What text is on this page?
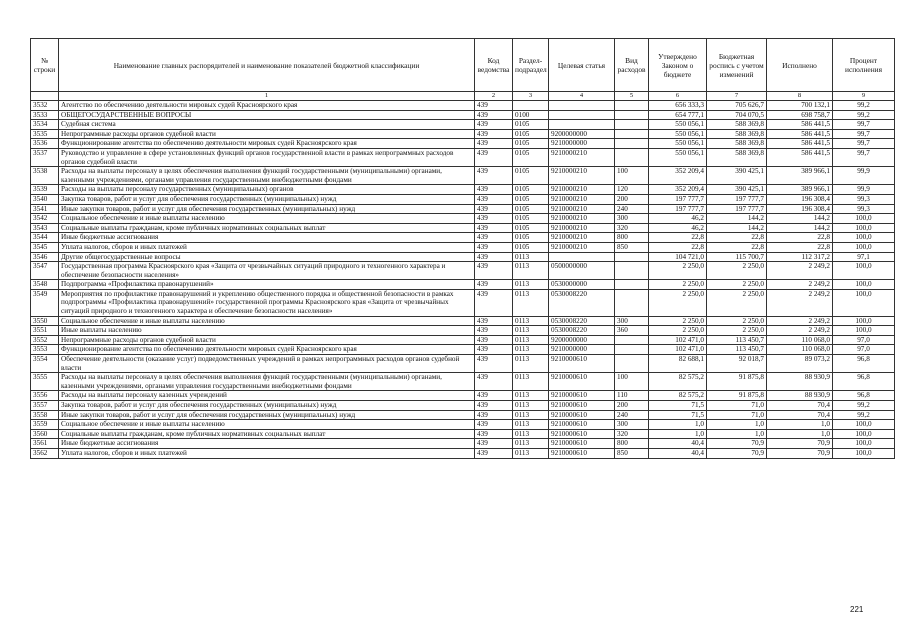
№ строки	Наименование главных распорядителей и наименование показателей бюджетной классификации	Код ведомства	Раздел- подраздел	Целевая статья	Вид расходов	Утверждено Законом о бюджете	Бюджетная роспись с учетом изменений	Исполнено	Процент исполнения
	1	2	3	4	5	6	7	8	9
3532	Агентство по обеспечению деятельности мировых судей Красноярского края	439				656 333,3	705 626,7	700 132,1	99,2
3533	ОБЩЕГОСУДАРСТВЕННЫЕ ВОПРОСЫ	439	0100			654 777,1	704 070,5	698 758,7	99,2
3534	Судебная система	439	0105			550 056,1	588 369,8	586 441,5	99,7
3535	Непрограммные расходы органов судебной власти	439	0105	9200000000		550 056,1	588 369,8	586 441,5	99,7
3536	Функционирование агентства по обеспечению деятельности мировых судей Красноярского края	439	0105	9210000000		550 056,1	588 369,8	586 441,5	99,7
3537	Руководство и управление в сфере установленных функций органов государственной власти в рамках непрограммных расходов органов судебной власти	439	0105	9210000210		550 056,1	588 369,8	586 441,5	99,7
3538	Расходы на выплаты персоналу в целях обеспечения выполнения функций государственными (муниципальными) органами, казенными учреждениями, органами управления государственными внебюджетными фондами	439	0105	9210000210	100	352 209,4	390 425,1	389 966,1	99,9
3539	Расходы на выплаты персоналу государственных (муниципальных) органов	439	0105	9210000210	120	352 209,4	390 425,1	389 966,1	99,9
3540	Закупка товаров, работ и услуг для обеспечения государственных (муниципальных) нужд	439	0105	9210000210	200	197 777,7	197 777,7	196 308,4	99,3
3541	Иные закупки товаров, работ и услуг для обеспечения государственных (муниципальных) нужд	439	0105	9210000210	240	197 777,7	197 777,7	196 308,4	99,3
3542	Социальное обеспечение и иные выплаты населению	439	0105	9210000210	300	46,2	144,2	144,2	100,0
3543	Социальные выплаты гражданам, кроме публичных нормативных социальных выплат	439	0105	9210000210	320	46,2	144,2	144,2	100,0
3544	Иные бюджетные ассигнования	439	0105	9210000210	800	22,8	22,8	22,8	100,0
3545	Уплата налогов, сборов и иных платежей	439	0105	9210000210	850	22,8	22,8	22,8	100,0
3546	Другие общегосударственные вопросы	439	0113			104 721,0	115 700,7	112 317,2	97,1
3547	Государственная программа Красноярского края «Защита от чрезвычайных ситуаций природного и техногенного характера и обеспечение безопасности населения»	439	0113	0500000000		2 250,0	2 250,0	2 249,2	100,0
3548	Подпрограмма «Профилактика правонарушений»	439	0113	0530000000		2 250,0	2 250,0	2 249,2	100,0
3549	Мероприятия по профилактике правонарушений и укреплению общественного порядка и общественной безопасности в рамках подпрограммы «Профилактика правонарушений» государственной программы Красноярского края «Защита от чрезвычайных ситуаций природного и техногенного характера и обеспечение безопасности населения»	439	0113	0530008220		2 250,0	2 250,0	2 249,2	100,0
3550	Социальное обеспечение и иные выплаты населению	439	0113	0530008220	300	2 250,0	2 250,0	2 249,2	100,0
3551	Иные выплаты населению	439	0113	0530008220	360	2 250,0	2 250,0	2 249,2	100,0
3552	Непрограммные расходы органов судебной власти	439	0113	9200000000		102 471,0	113 450,7	110 068,0	97,0
3553	Функционирование агентства по обеспечению деятельности мировых судей Красноярского края	439	0113	9210000000		102 471,0	113 450,7	110 068,0	97,0
3554	Обеспечение деятельности (оказание услуг) подведомственных учреждений в рамках непрограммных расходов органов судебной власти	439	0113	9210000610		82 688,1	92 018,7	89 073,2	96,8
3555	Расходы на выплаты персоналу в целях обеспечения выполнения функций государственными (муниципальными) органами, казенными учреждениями, органами управления государственными внебюджетными фондами	439	0113	9210000610	100	82 575,2	91 875,8	88 930,9	96,8
3556	Расходы на выплаты персоналу казенных учреждений	439	0113	9210000610	110	82 575,2	91 875,8	88 930,9	96,8
3557	Закупка товаров, работ и услуг для обеспечения государственных (муниципальных) нужд	439	0113	9210000610	200	71,5	71,0	70,4	99,2
3558	Иные закупки товаров, работ и услуг для обеспечения государственных (муниципальных) нужд	439	0113	9210000610	240	71,5	71,0	70,4	99,2
3559	Социальное обеспечение и иные выплаты населению	439	0113	9210000610	300	1,0	1,0	1,0	100,0
3560	Социальные выплаты гражданам, кроме публичных нормативных социальных выплат	439	0113	9210000610	320	1,0	1,0	1,0	100,0
3561	Иные бюджетные ассигнования	439	0113	9210000610	800	40,4	70,9	70,9	100,0
3562	Уплата налогов, сборов и иных платежей	439	0113	9210000610	850	40,4	70,9	70,9	100,0
221
